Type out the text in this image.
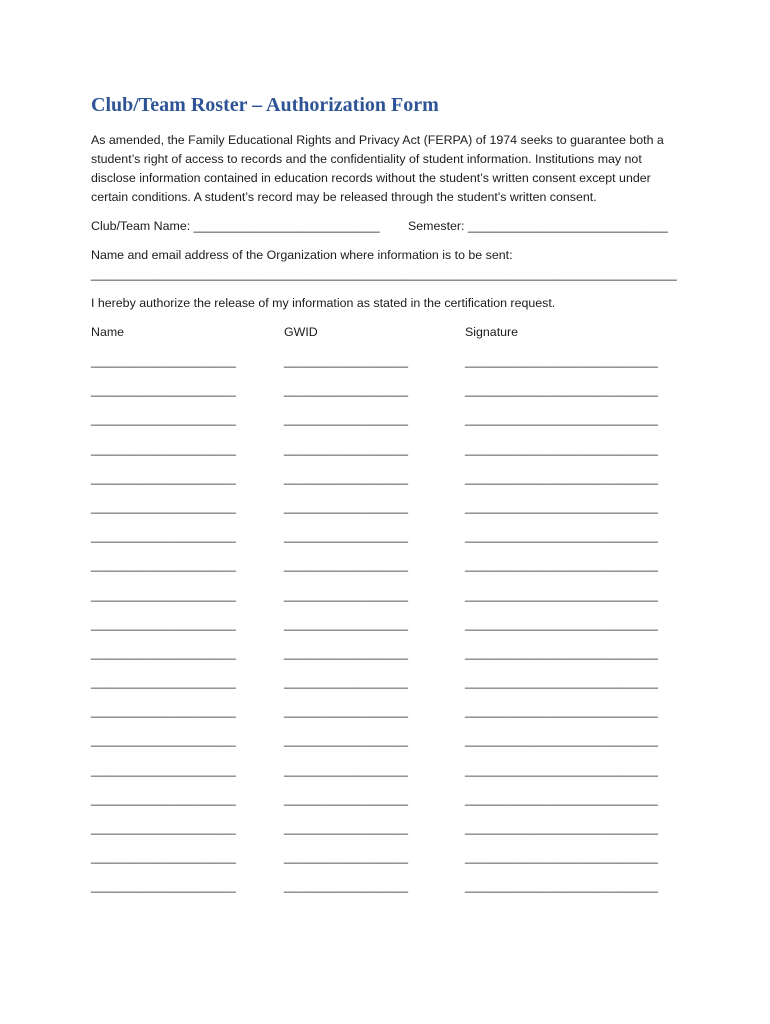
Club/Team Roster – Authorization Form

As amended, the Family Educational Rights and Privacy Act (FERPA) of 1974 seeks to guarantee both a student’s right of access to records and the confidentiality of student information. Institutions may not disclose information contained in education records without the student’s written consent except under certain conditions. A student’s record may be released through the student's written consent.

Club/Team Name: ___________________________	Semester: _____________________________
Name and email address of the Organization where information is to be sent:
_____________________________________________________________________________________
I hereby authorize the release of my information as stated in the certification request.
Name	GWID	Signature
_____________________	__________________	____________________________
_____________________	__________________	____________________________
_____________________	__________________	____________________________
_____________________	__________________	____________________________
_____________________	__________________	____________________________
_____________________	__________________	____________________________
_____________________	__________________	____________________________
_____________________	__________________	____________________________
_____________________	__________________	____________________________
_____________________	__________________	____________________________
_____________________	__________________	____________________________
_____________________	__________________	____________________________
_____________________	__________________	____________________________
_____________________	__________________	____________________________
_____________________	__________________	____________________________
_____________________	__________________	____________________________
_____________________	__________________	____________________________
_____________________	__________________	____________________________
_____________________	__________________	____________________________
